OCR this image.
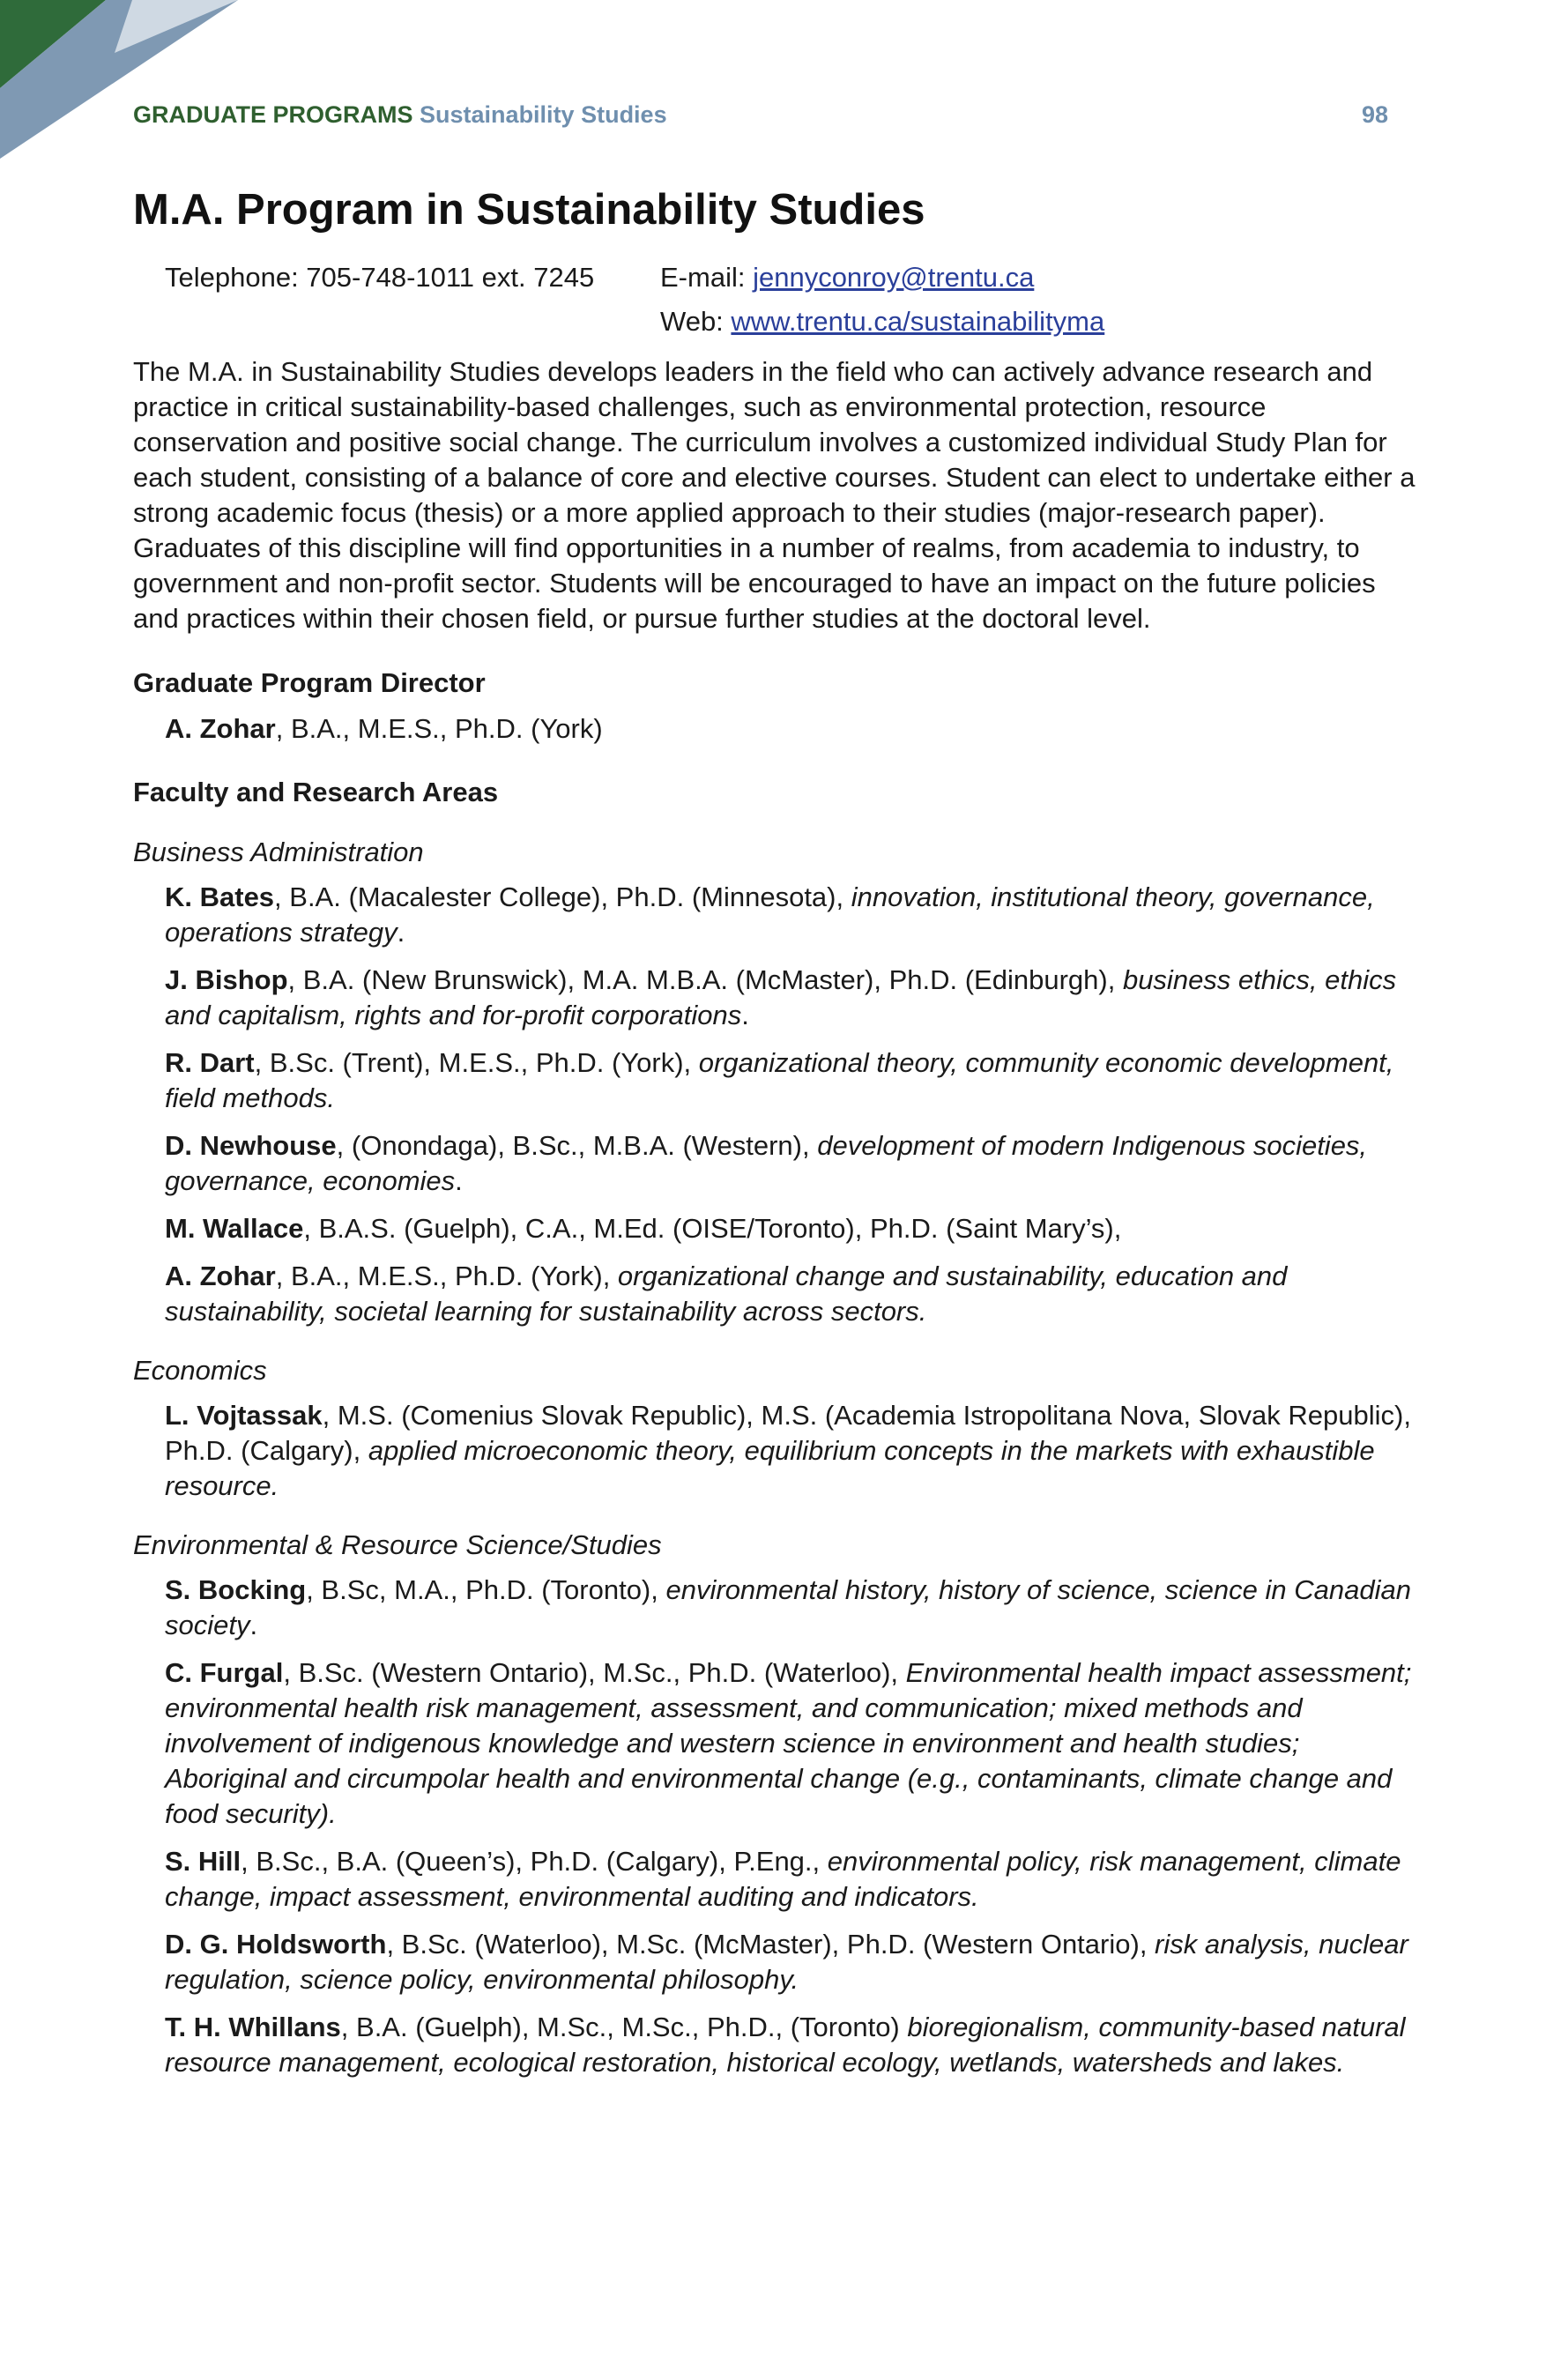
GRADUATE PROGRAMS Sustainability Studies	98
M.A. Program in Sustainability Studies
Telephone: 705-748-1011 ext. 7245 E-mail: jennyconroy@trentu.ca
Web: www.trentu.ca/sustainabilityma

The M.A. in Sustainability Studies develops leaders in the field who can actively advance research and practice in critical sustainability-based challenges, such as environmental protection, resource conservation and positive social change. The curriculum involves a customized individual Study Plan for each student, consisting of a balance of core and elective courses. Student can elect to undertake either a strong academic focus (thesis) or a more applied approach to their studies (major-research paper). Graduates of this discipline will find opportunities in a number of realms, from academia to industry, to government and non-profit sector. Students will be encouraged to have an impact on the future policies and practices within their chosen field, or pursue further studies at the doctoral level.

Graduate Program Director

A. Zohar, B.A., M.E.S., Ph.D. (York)

Faculty and Research Areas

Business Administration

K. Bates, B.A. (Macalester College), Ph.D. (Minnesota), innovation, institutional theory, governance, operations strategy.

J. Bishop, B.A. (New Brunswick), M.A. M.B.A. (McMaster), Ph.D. (Edinburgh), business ethics, ethics and capitalism, rights and for-profit corporations.

R. Dart, B.Sc. (Trent), M.E.S., Ph.D. (York), organizational theory, community economic development, field methods.

D. Newhouse, (Onondaga), B.Sc., M.B.A. (Western), development of modern Indigenous societies, governance, economies.

M. Wallace, B.A.S. (Guelph), C.A., M.Ed. (OISE/Toronto), Ph.D. (Saint Mary’s),

A. Zohar, B.A., M.E.S., Ph.D. (York), organizational change and sustainability, education and sustainability, societal learning for sustainability across sectors.

Economics

L. Vojtassak, M.S. (Comenius Slovak Republic), M.S. (Academia Istropolitana Nova, Slovak Republic), Ph.D. (Calgary), applied microeconomic theory, equilibrium concepts in the markets with exhaustible resource.

Environmental & Resource Science/Studies

S. Bocking, B.Sc, M.A., Ph.D. (Toronto), environmental history, history of science, science in Canadian society.

C. Furgal, B.Sc. (Western Ontario), M.Sc., Ph.D. (Waterloo), Environmental health impact assessment; environmental health risk management, assessment, and communication; mixed methods and involvement of indigenous knowledge and western science in environment and health studies; Aboriginal and circumpolar health and environmental change (e.g., contaminants, climate change and food security).

S. Hill, B.Sc., B.A. (Queen’s), Ph.D. (Calgary), P.Eng., environmental policy, risk management, climate change, impact assessment, environmental auditing and indicators.

D. G. Holdsworth, B.Sc. (Waterloo), M.Sc. (McMaster), Ph.D. (Western Ontario), risk analysis, nuclear regulation, science policy, environmental philosophy.

T. H. Whillans, B.A. (Guelph), M.Sc., M.Sc., Ph.D., (Toronto) bioregionalism, community-based natural resource management, ecological restoration, historical ecology, wetlands, watersheds and lakes.
